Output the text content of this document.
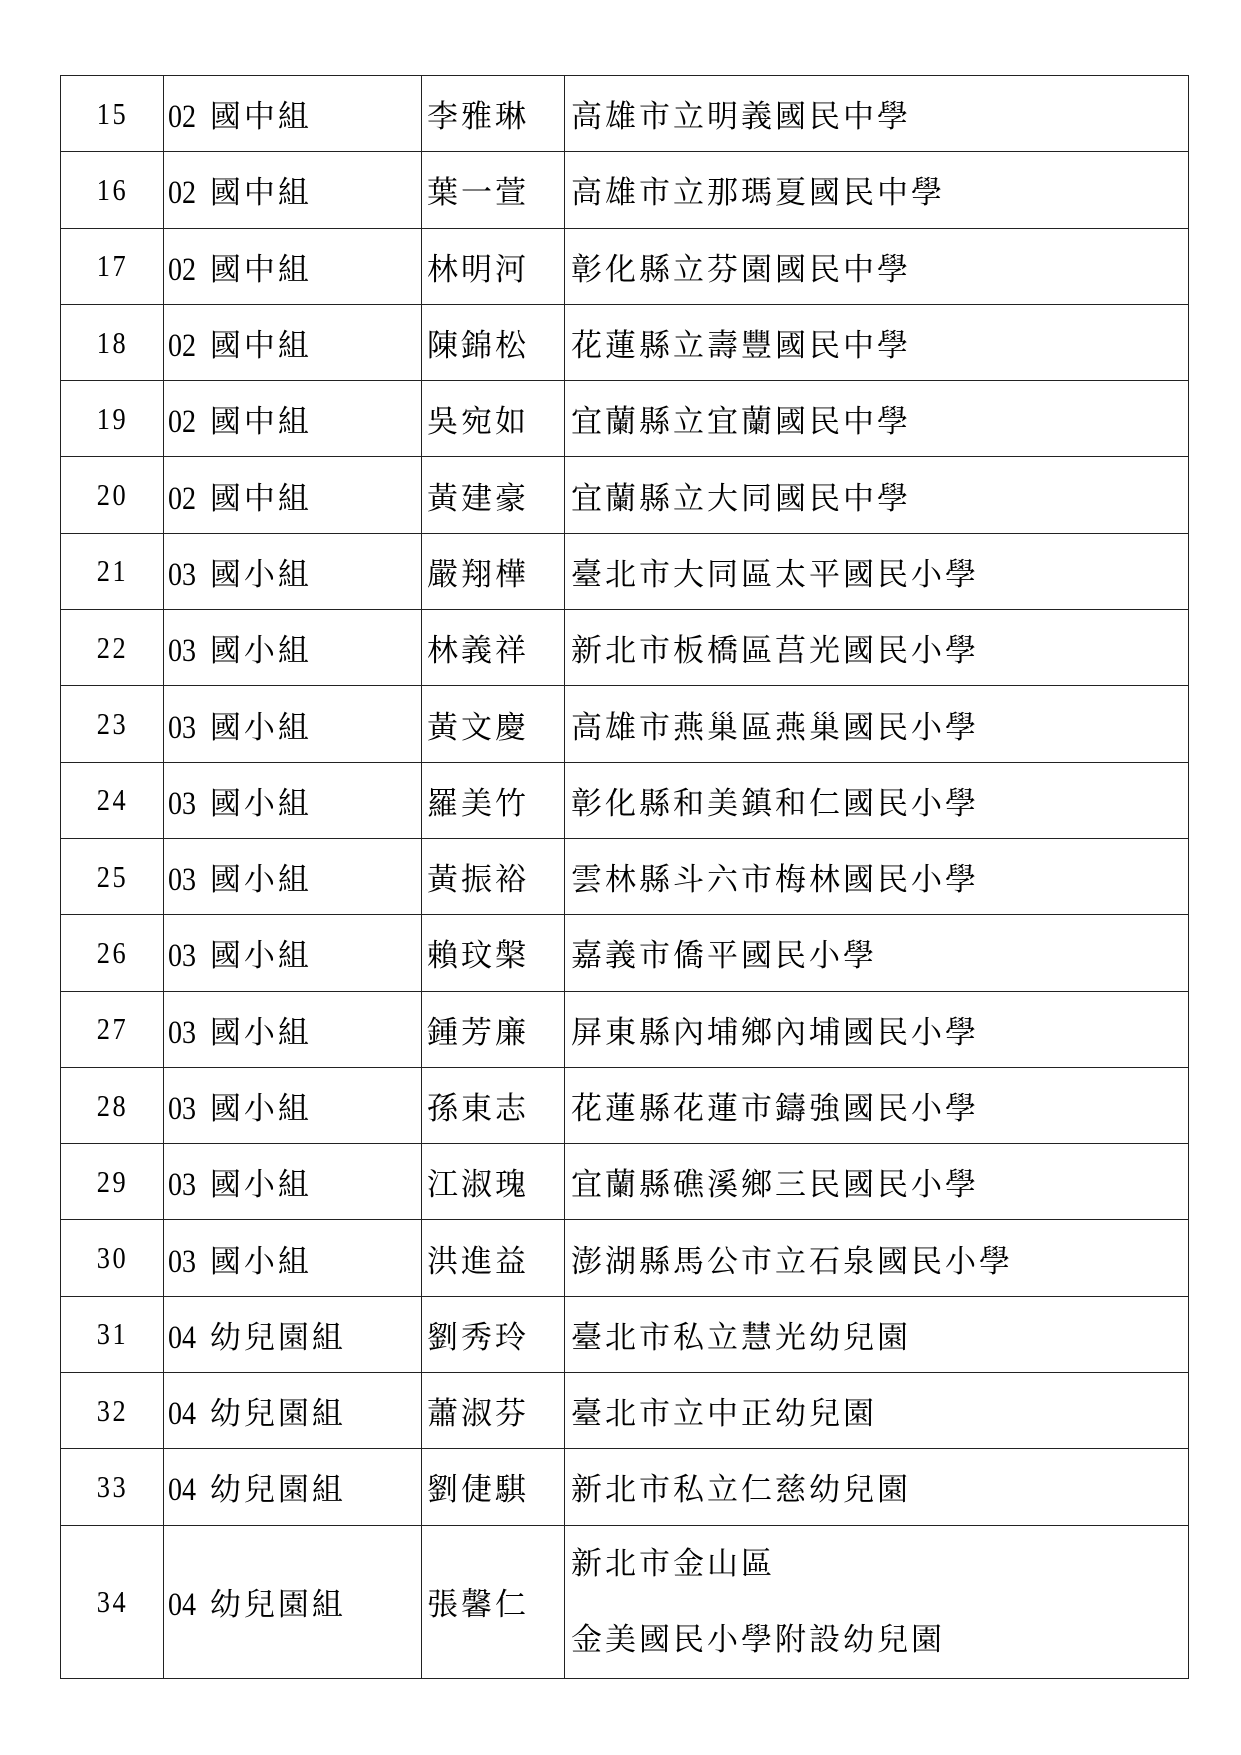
15	02 國中組	李雅琳	高雄市立明義國民中學
16	02 國中組	葉一萱	高雄市立那瑪夏國民中學
17	02 國中組	林明河	彰化縣立芬園國民中學
18	02 國中組	陳錦松	花蓮縣立壽豐國民中學
19	02 國中組	吳宛如	宜蘭縣立宜蘭國民中學
20	02 國中組	黃建豪	宜蘭縣立大同國民中學
21	03 國小組	嚴翔樺	臺北市大同區太平國民小學
22	03 國小組	林義祥	新北市板橋區莒光國民小學
23	03 國小組	黃文慶	高雄市燕巢區燕巢國民小學
24	03 國小組	羅美竹	彰化縣和美鎮和仁國民小學
25	03 國小組	黃振裕	雲林縣斗六市梅林國民小學
26	03 國小組	賴玟槃	嘉義市僑平國民小學
27	03 國小組	鍾芳廉	屏東縣內埔鄉內埔國民小學
28	03 國小組	孫東志	花蓮縣花蓮市鑄強國民小學
29	03 國小組	江淑瑰	宜蘭縣礁溪鄉三民國民小學
30	03 國小組	洪進益	澎湖縣馬公市立石泉國民小學
31	04 幼兒園組	劉秀玲	臺北市私立慧光幼兒園
32	04 幼兒園組	蕭淑芬	臺北市立中正幼兒園
33	04 幼兒園組	劉倢騏	新北市私立仁慈幼兒園
34	04 幼兒園組	張馨仁	新北市金山區
金美國民小學附設幼兒園
